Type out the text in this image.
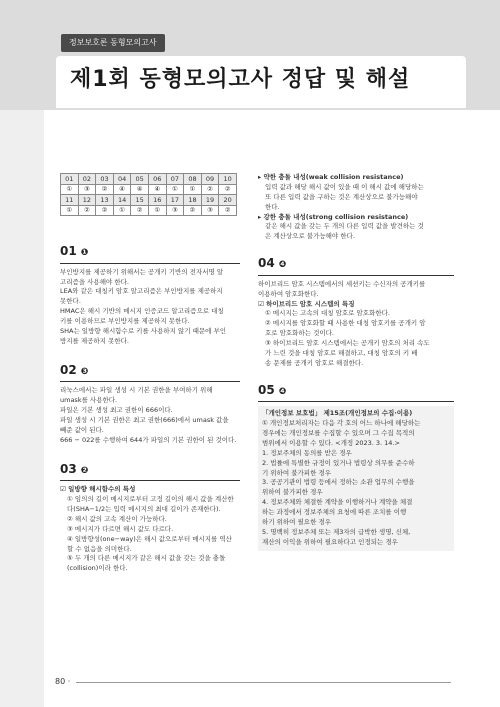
정보보호론 동형모의고사
제1회 동형모의고사 정답 및 해설
01	02	03	04	05	06	07	08	09	10
①	③	②	④	④	④	①	①	②	②
11	12	13	14	15	16	17	18	19	20
①	②	②	①	②	①	③	②	③	②
01 ❶

부인방지를 제공하기 위해서는 공개키 기반의 전자서명 알

고리즘을 사용해야 한다.

LEA와 같은 대칭키 암호 알고리즘은 부인방지를 제공하지

못한다.

HMAC은 해시 기반의 메시지 인증코드 알고리즘으로 대칭

키를 이용하므로 부인방지를 제공하지 못한다.

SHA는 일방향 해시함수로 키를 사용하지 않기 때문에 부인

방지를 제공하지 못한다.

02 ❸

리눅스에서는 파일 생성 시 기본 권한을 부여하기 위해

umask를 사용한다.

파일은 기본 생성 최고 권한이 666이다.

파일 생성 시 기본 권한은 최고 권한(666)에서 umask 값을

빼준 값이 된다.

666 − 022를 수행하여 644가 파일의 기본 권한이 된 것이다.

03 ❷

☑ 일방향 해시함수의 특성

① 임의의 길이 메시지로부터 고정 길이의 해시 값을 계산한

다(SHA−1/2는 입력 메시지의 최대 길이가 존재한다).

② 해시 값의 고속 계산이 가능하다.

③ 메시지가 다르면 해시 값도 다르다.

④ 일방향성(one−way)은 해시 값으로부터 메시지를 역산

할 수 없음을 의미한다.

⑤ 두 개의 다른 메시지가 같은 해시 값을 갖는 것을 충돌

(collision)이라 한다.

▸ 약한 충돌 내성(weak collision resistance)

입력 값과 해당 해시 값이 있을 때 이 해시 값에 해당하는

또 다른 입력 값을 구하는 것은 계산상으로 불가능해야

한다.

▸ 강한 충돌 내성(strong collision resistance)

같은 해시 값을 갖는 두 개의 다른 입력 값을 발견하는 것

은 계산상으로 불가능해야 한다.

04 ❹

하이브리드 암호 시스템에서의 세션키는 수신자의 공개키를

이용하여 암호화한다.

☑ 하이브리드 암호 시스템의 특징

① 메시지는 고속의 대칭 암호로 암호화한다.

② 메시지를 암호화할 때 사용한 대칭 암호키를 공개키 암

호로 암호화하는 것이다.

③ 하이브리드 암호 시스템에서는 공개키 암호의 처리 속도

가 느린 것을 대칭 암호로 해결하고, 대칭 암호의 키 배

송 문제를 공개키 암호로 해결한다.

05 ❹

「개인정보 보호법」 제15조(개인정보의 수집·이용)

① 개인정보처리자는 다음 각 호의 어느 하나에 해당하는

경우에는 개인정보를 수집할 수 있으며 그 수집 목적의

범위에서 이용할 수 있다. <개정 2023. 3. 14.>

1. 정보주체의 동의를 받은 경우

2. 법률에 특별한 규정이 있거나 법령상 의무를 준수하

기 위하여 불가피한 경우

3. 공공기관이 법령 등에서 정하는 소관 업무의 수행을

위하여 불가피한 경우

4. 정보주체와 체결한 계약을 이행하거나 계약을 체결

하는 과정에서 정보주체의 요청에 따른 조치를 이행

하기 위하여 필요한 경우

5. 명백히 정보주체 또는 제3자의 급박한 생명, 신체,

재산의 이익을 위하여 필요하다고 인정되는 경우

80 ·
